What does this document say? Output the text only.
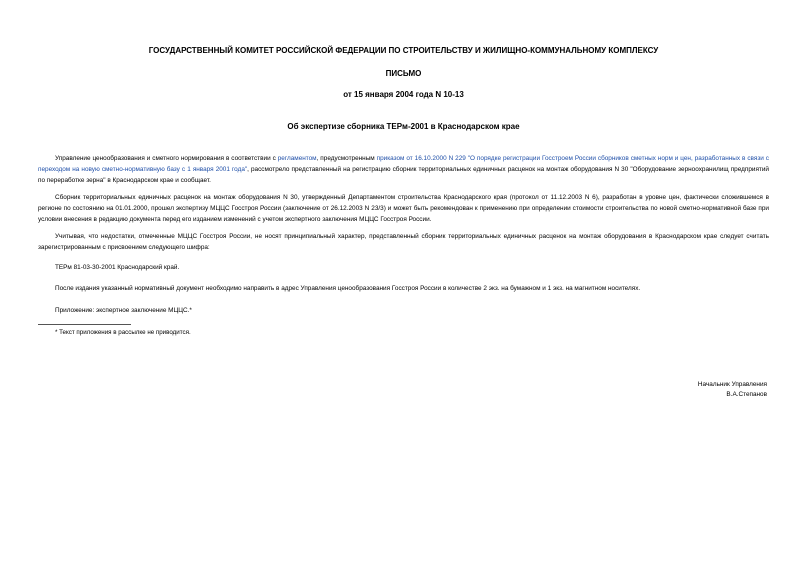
ГОСУДАРСТВЕННЫЙ КОМИТЕТ РОССИЙСКОЙ ФЕДЕРАЦИИ ПО СТРОИТЕЛЬСТВУ И ЖИЛИЩНО-КОММУНАЛЬНОМУ КОМПЛЕКСУ
ПИСЬМО
от 15 января 2004 года N 10-13
Об экспертизе сборника ТЕРм-2001 в Краснодарском крае

Управление ценообразования и сметного нормирования в соответствии с регламентом, предусмотренным приказом от 16.10.2000 N 229 "О порядке регистрации Госстроем России сборников сметных норм и цен, разработанных в связи с переходом на новую сметно-нормативную базу с 1 января 2001 года", рассмотрело представленный на регистрацию сборник территориальных единичных расценок на монтаж оборудования N 30 "Оборудование зерноохранилищ предприятий по переработке зерна" в Краснодарском крае и сообщает.

Сборник территориальных единичных расценок на монтаж оборудования N 30, утвержденный Департаментом строительства Краснодарского края (протокол от 11.12.2003 N 6), разработан в уровне цен, фактически сложившемся в регионе по состоянию на 01.01.2000, прошел экспертизу МЦЦС Госстроя России (заключение от 26.12.2003 N 23/3) и может быть рекомендован к применению при определении стоимости строительства по новой сметно-нормативной базе при условии внесения в редакцию документа перед его изданием изменений с учетом экспертного заключения МЦЦС Госстроя России.

Учитывая, что недостатки, отмеченные МЦЦС Госстроя России, не носят принципиальный характер, представленный сборник территориальных единичных расценок на монтаж оборудования в Краснодарском крае следует считать зарегистрированным с присвоением следующего шифра:

ТЕРм 81-03-30-2001 Краснодарский край.

После издания указанный нормативный документ необходимо направить в адрес Управления ценообразования Госстроя России в количестве 2 экз. на бумажном и 1 экз. на магнитном носителях.

Приложение: экспертное заключение МЦЦС.*

* Текст приложения в рассылке не приводится.
Начальник Управления
В.А.Степанов
